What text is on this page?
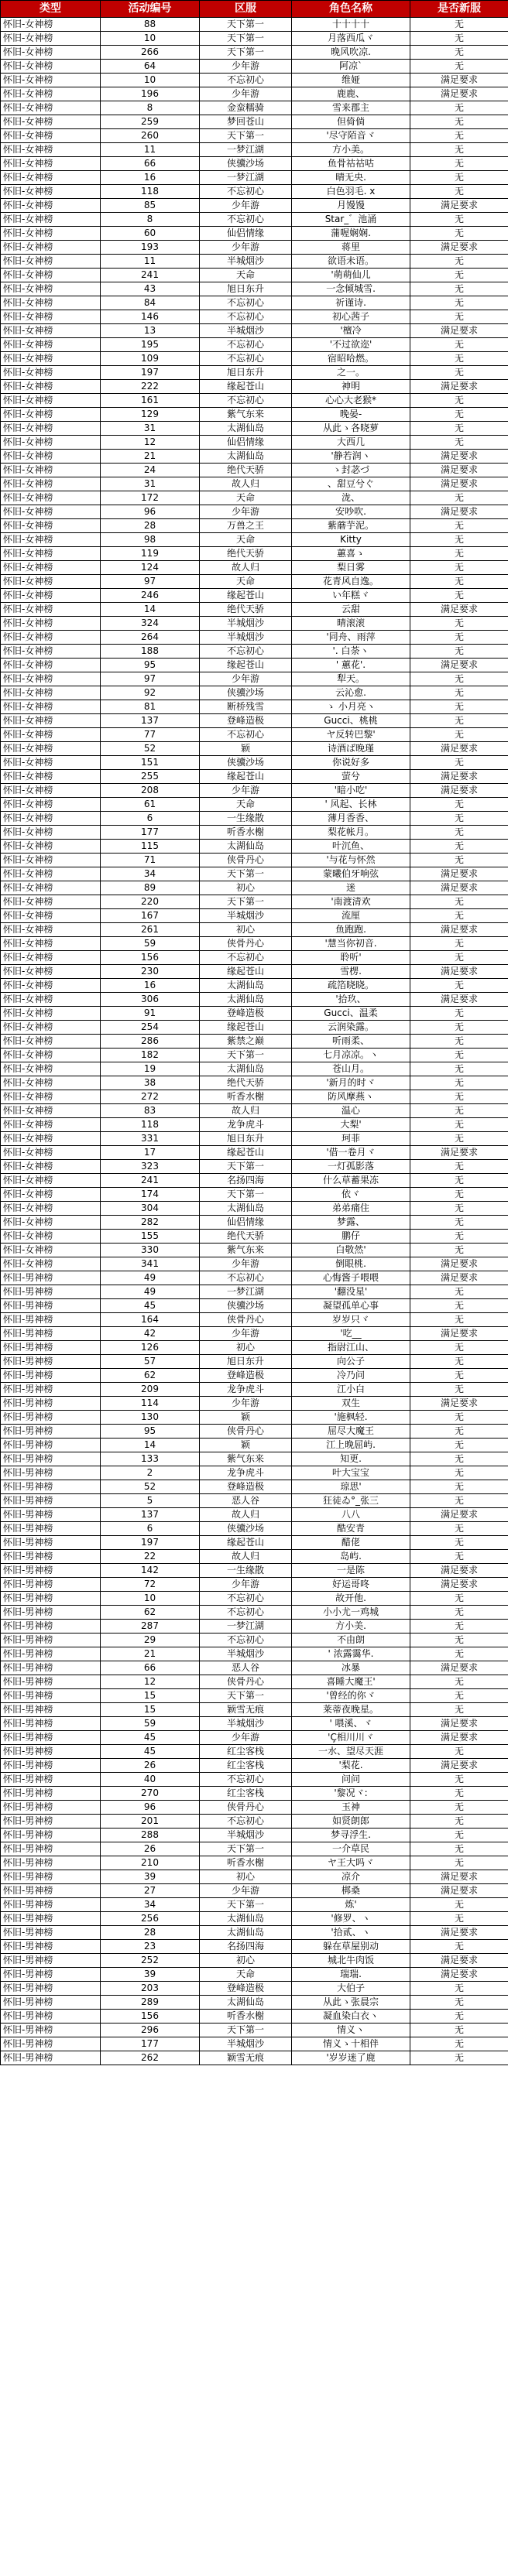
类型	活动编号	区服	角色名称	是否新服
怀旧-女神榜	88	天下第一	十十十十	无
怀旧-女神榜	10	天下第一	月落西瓜ヾ	无
怀旧-女神榜	266	天下第一	晚风吹凉.	无
怀旧-女神榜	64	少年游	阿凉`	无
怀旧-女神榜	10	不忘初心	维娅	满足要求
怀旧-女神榜	196	少年游	鹿鹿、	满足要求
怀旧-女神榜	8	金蛮糯骑	雪来郡主	无
怀旧-女神榜	259	梦回苍山	但倚倘	无
怀旧-女神榜	260	天下第一	'尽守陌音ヾ	无
怀旧-女神榜	11	一梦江湖	方小美。	无
怀旧-女神榜	66	侠骥沙场	鱼骨祜祜咕	无
怀旧-女神榜	16	一梦江湖	晴无央.	无
怀旧-女神榜	118	不忘初心	白色羽毛. x	无
怀旧-女神榜	85	少年游	月馒馒	满足要求
怀旧-女神榜	8	不忘初心	Star_゛池涌	无
怀旧-女神榜	60	仙侣情缘	蒲喔娴娴.	无
怀旧-女神榜	193	少年游	蒋里	满足要求
怀旧-女神榜	11	半城烟沙	欲语未语。	无
怀旧-女神榜	241	天命	'萌萌仙儿	无
怀旧-女神榜	43	旭日东升	一念倾城雪.	无
怀旧-女神榜	84	不忘初心	祈谨诗.	无
怀旧-女神榜	146	不忘初心	初心茜子	无
怀旧-女神榜	13	半城烟沙	'檀冷	满足要求
怀旧-女神榜	195	不忘初心	'不过欲迩'	无
怀旧-女神榜	109	不忘初心	宿昭哈燃。	无
怀旧-女神榜	197	旭日东升	之一。	无
怀旧-女神榜	222	缘起苍山	神明	满足要求
怀旧-女神榜	161	不忘初心	心心大老猴*	无
怀旧-女神榜	129	紫气东来	晚晏-	无
怀旧-女神榜	31	太湖仙岛	从此ゝ各晓萝	无
怀旧-女神榜	12	仙侣情缘	大西几	无
怀旧-女神榜	21	太湖仙岛	'静若润ヽ	满足要求
怀旧-女神榜	24	绝代天骄	ゝ封苾づ	满足要求
怀旧-女神榜	31	故人归	、甜豆兮ぐ	满足要求
怀旧-女神榜	172	天命	泷、	无
怀旧-女神榜	96	少年游	安吵吹.	满足要求
怀旧-女神榜	28	万兽之王	紫蘑芋泥。	无
怀旧-女神榜	98	天命	Kitty	无
怀旧-女神榜	119	绝代天骄	蕙喜ゝ	无
怀旧-女神榜	124	故人归	梨日雾	无
怀旧-女神榜	97	天命	花青风自逸。	无
怀旧-女神榜	246	缘起苍山	い年糕ヾ	无
怀旧-女神榜	14	绝代天骄	云甜	满足要求
怀旧-女神榜	324	半城烟沙	晴滚滚	无
怀旧-女神榜	264	半城烟沙	'同舟、雨萍	无
怀旧-女神榜	188	不忘初心	'. 白荼ヽ	无
怀旧-女神榜	95	缘起苍山	' 蕙花'.	满足要求
怀旧-女神榜	97	少年游	犁天。	无
怀旧-女神榜	92	侠骥沙场	云沁愈.	无
怀旧-女神榜	81	断桥残雪	ゝ 小月亮ヽ	无
怀旧-女神榜	137	登峰造极	Gucci、桃桃	无
怀旧-女神榜	77	不忘初心	ヤ反转巴黎'	无
怀旧-女神榜	52	颖	诗酒ば晚瑾	满足要求
怀旧-女神榜	151	侠骥沙场	你说好多	无
怀旧-女神榜	255	缘起苍山	萤兮	满足要求
怀旧-女神榜	208	少年游	'暗小吃'	满足要求
怀旧-女神榜	61	天命	' 风起、长林	无
怀旧-女神榜	6	一生缘散	薄月香香、	无
怀旧-女神榜	177	听香水榭	梨花帐月。	无
怀旧-女神榜	115	太湖仙岛	叶沉鱼、	无
怀旧-女神榜	71	侠骨丹心	'与花与怀然	无
怀旧-女神榜	34	天下第一	蒙曦伯牙响弦	满足要求
怀旧-女神榜	89	初心	迷	满足要求
怀旧-女神榜	220	天下第一	'南渡清欢	无
怀旧-女神榜	167	半城烟沙	流厘	无
怀旧-女神榜	261	初心	鱼跑跑.	满足要求
怀旧-女神榜	59	侠骨丹心	'慧当你初音.	无
怀旧-女神榜	156	不忘初心	聆听'	无
怀旧-女神榜	230	缘起苍山	雪楞.	满足要求
怀旧-女神榜	16	太湖仙岛	疏箔晓晓。	无
怀旧-女神榜	306	太湖仙岛	'拾玖、	满足要求
怀旧-女神榜	91	登峰造极	Gucci、温柔	无
怀旧-女神榜	254	缘起苍山	云润染露。	无
怀旧-女神榜	286	紫禁之巅	听雨柔、	无
怀旧-女神榜	182	天下第一	七月凉凉。ヽ	无
怀旧-女神榜	19	太湖仙岛	苍山月。	无
怀旧-女神榜	38	绝代天骄	'新月的时ヾ	无
怀旧-女神榜	272	听香水榭	防风摩燕ヽ	无
怀旧-女神榜	83	故人归	温心	无
怀旧-女神榜	118	龙争虎斗	大梨'	无
怀旧-女神榜	331	旭日东升	珂菲	无
怀旧-女神榜	17	缘起苍山	'借一卷月ヾ	满足要求
怀旧-女神榜	323	天下第一	一灯孤影落	无
怀旧-女神榜	241	名扬四海	什么草蓄果冻	无
怀旧-女神榜	174	天下第一	依ヾ	无
怀旧-女神榜	304	太湖仙岛	弟弟痛住	无
怀旧-女神榜	282	仙侣情缘	梦露、	无
怀旧-女神榜	155	绝代天骄	鹏仔	无
怀旧-女神榜	330	紫气东来	白敬然'	无
怀旧-女神榜	341	少年游	倒眼桃.	满足要求
怀旧-男神榜	49	不忘初心	心悔酱子喂喂	满足要求
怀旧-男神榜	49	一梦江湖	'翻没星'	无
怀旧-男神榜	45	侠骥沙场	凝望孤单心事	无
怀旧-男神榜	164	侠骨丹心	岁岁只ヾ	无
怀旧-男神榜	42	少年游	'吃__	满足要求
怀旧-男神榜	126	初心	指尉江山、	无
怀旧-男神榜	57	旭日东升	向公子	无
怀旧-男神榜	62	登峰造极	冷乃问	无
怀旧-男神榜	209	龙争虎斗	江小白	无
怀旧-男神榜	114	少年游	双生	满足要求
怀旧-男神榜	130	颖	'施枫轻.	无
怀旧-男神榜	95	侠骨丹心	屈尽大魔王	无
怀旧-男神榜	14	颖	江上晚屈屿.	无
怀旧-男神榜	133	紫气东来	知更.	无
怀旧-男神榜	2	龙争虎斗	叶大宝宝	无
怀旧-男神榜	52	登峰造极	琼思'	无
怀旧-男神榜	5	恶人谷	狂徒ゐ°_张三	无
怀旧-男神榜	137	故人归	八八	满足要求
怀旧-男神榜	6	侠骥沙场	酷安青	无
怀旧-男神榜	197	缘起苍山	醋佬	无
怀旧-男神榜	22	故人归	岛屿.	无
怀旧-男神榜	142	一生缘散	一是陈	满足要求
怀旧-男神榜	72	少年游	好运哥咚	满足要求
怀旧-男神榜	10	不忘初心	故开他.	无
怀旧-男神榜	62	不忘初心	小小尤一鸡城	无
怀旧-男神榜	287	一梦江湖	方小美.	无
怀旧-男神榜	29	不忘初心	不由朗	无
怀旧-男神榜	21	半城烟沙	' 浓露霭华.	无
怀旧-男神榜	66	恶人谷	冰暴	满足要求
怀旧-男神榜	12	侠骨丹心	喜睡大魔王'	无
怀旧-男神榜	15	天下第一	'曾经的你ヾ	无
怀旧-男神榜	15	颖雪无痕	莱蒂夜晚星。	无
怀旧-男神榜	59	半城烟沙	' 喂溪、ヾ	满足要求
怀旧-男神榜	45	少年游	'Ç相川川ヾ	满足要求
怀旧-男神榜	45	红尘客栈	一水、望尽天涯	无
怀旧-男神榜	26	红尘客栈	'梨花.	满足要求
怀旧-男神榜	40	不忘初心	问问	无
怀旧-男神榜	270	红尘客栈	'黎况ヾ:	无
怀旧-男神榜	96	侠骨丹心	玉神	无
怀旧-男神榜	201	不忘初心	如贤朗郎	无
怀旧-男神榜	288	半城烟沙	梦寻浮生.	无
怀旧-男神榜	26	天下第一	一介草民	无
怀旧-男神榜	210	听香水榭	ヤ王大吗ヾ	无
怀旧-男神榜	39	初心	凉介	满足要求
怀旧-男神榜	27	少年游	梆桑	满足要求
怀旧-男神榜	34	天下第一	炼'	无
怀旧-男神榜	256	太湖仙岛	'修罗、ヽ	无
怀旧-男神榜	28	太湖仙岛	'拾贰、ヽ	满足要求
怀旧-男神榜	23	名扬四海	躲在草屋别动	无
怀旧-男神榜	252	初心	城北牛肉饭	满足要求
怀旧-男神榜	39	天命	瑞瑞.	满足要求
怀旧-男神榜	203	登峰造极	大伯子	无
怀旧-男神榜	289	太湖仙岛	从此ゝ张晨宗	无
怀旧-男神榜	156	听香水榭	凝血染白衣ヽ	无
怀旧-男神榜	296	天下第一	情义ヽ	无
怀旧-男神榜	177	半城烟沙	情义ゝ十相伴	无
怀旧-男神榜	262	颖雪无痕	'岁岁迷了鹿	无
